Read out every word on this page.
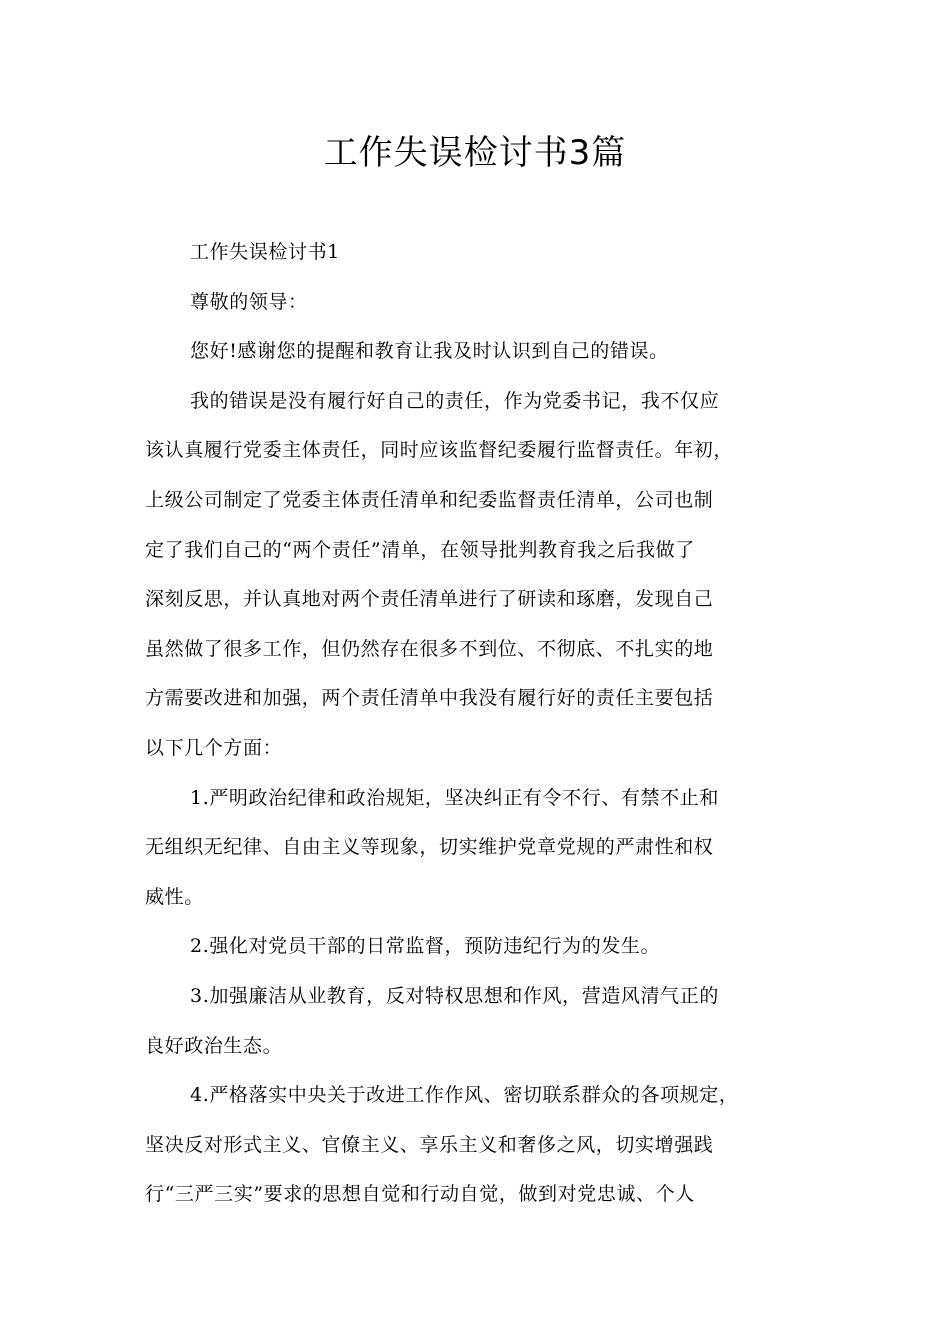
工作失误检讨书3篇
工作失误检讨书1
尊敬的领导：
您好!感谢您的提醒和教育让我及时认识到自己的错误。
我的错误是没有履行好自己的责任，作为党委书记，我不仅应
该认真履行党委主体责任，同时应该监督纪委履行监督责任。年初，
上级公司制定了党委主体责任清单和纪委监督责任清单，公司也制
定了我们自己的“两个责任”清单，在领导批判教育我之后我做了
深刻反思，并认真地对两个责任清单进行了研读和琢磨，发现自己
虽然做了很多工作，但仍然存在很多不到位、不彻底、不扎实的地
方需要改进和加强，两个责任清单中我没有履行好的责任主要包括
以下几个方面：
1.严明政治纪律和政治规矩，坚决纠正有令不行、有禁不止和
无组织无纪律、自由主义等现象，切实维护党章党规的严肃性和权
威性。
2.强化对党员干部的日常监督，预防违纪行为的发生。
3.加强廉洁从业教育，反对特权思想和作风，营造风清气正的
良好政治生态。
4.严格落实中央关于改进工作作风、密切联系群众的各项规定，
坚决反对形式主义、官僚主义、享乐主义和奢侈之风，切实增强践
行“三严三实”要求的思想自觉和行动自觉，做到对党忠诚、个人
